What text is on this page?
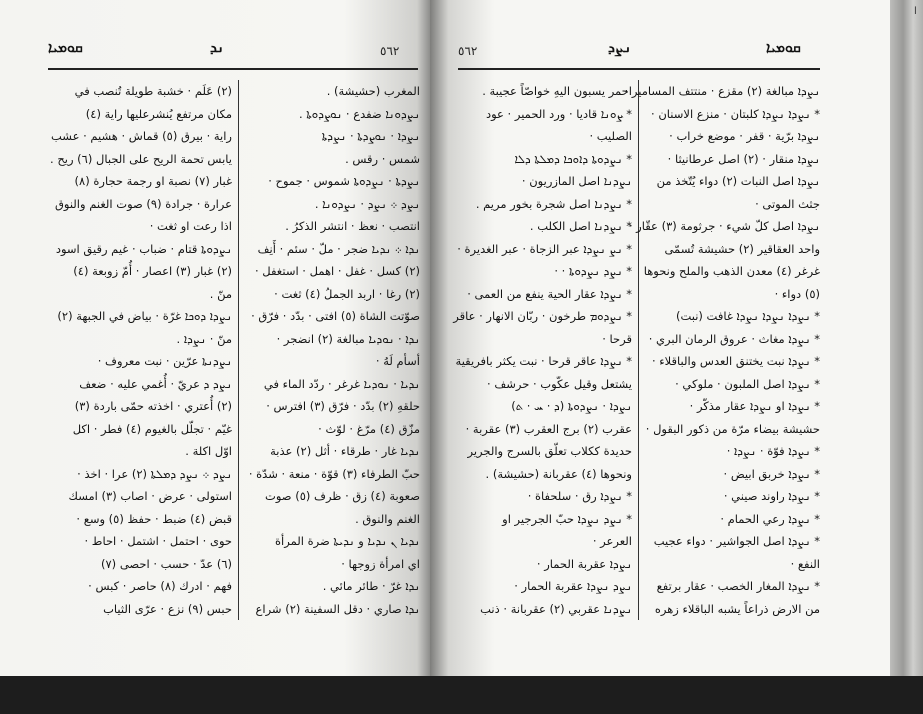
ܩܘܡܝܐ	ܢܕ	٥٦٢

(٢) عَلَم · خشبة طويلة تُنصب في

مكان مرتفع يُنشرعليها راية (٤)

راية · بيرق (٥) قماش · هشيم · عشب

يابس تحمة الريح على الجبال (٦) ريح .

غبار (٧) نصبة او رجمة حجارة (٨)

عرارة · جرادة (٩) صوت الغنم والنوق

اذا رعت او ثغت ·

ܢܨܕܘܬܐ قتام · ضباب · غيم رقيق اسود

(٢) غبار (٣) اعصار · أُمّ زوبعة (٤)

منّ .

ܢܨܕܐ ܕܘܟܐ غرّة · بياض في الجبهة (٢)

منّ · ܢܨܕܐ .

ܢܨܕܢܬܐ عرّين · نبت معروف ·

ܢܨܕ ܕ عريّ · أُغمي عليه · ضعف

(٢) أُعتري · اخذته حمّى باردة (٣)

غيّم · تجلّل بالغيوم (٤) فطر · اكل

اوّل اكلة .

ܢܨܕ ܀ ܢܨܕ ܕܡܠܬܐ (٢) عرا · اخذ ·

استولى · عرض · اصاب (٣) امسك

قبض (٤) ضبط · حفظ (٥) وسع ·

حوى · احتمل · اشتمل · احاط ·

(٦) عدّ · حسب · احصى (٧)

فهم · ادرك (٨) حاصر · كبس ·

حبس (٩) نزع · عرّى الثياب

المغرب (حشيشة) .

ܢܨܕܘܢܐ ضفدع · ܢܘܨܕܘܬܐ .

ܢܨܕܐ · ܢܘܨܕܬܐ · ܢܨܕܬܐ

شمس · رقس .

ܢܨܕܬܐ · ܢܨܕܘܬܐ شموس · جموح ·

ܢܨܕ ܀ ܢܨܕ · ܢܨܕܘܢܐ .

انتصب · نعظ · انتشر الذكرُ .

ܢܕܐ ܀ ܢܕܝܐ ضجر · ملّ · سئم · أَنِف

(٢) كسل · غفل · اهمل · استغفل ·

(٢) رغا · اربد الجملُ (٤) ثغت ·

صوّتت الشاة (٥) افتى · بدّد · فرّق ·

ܢܕܐ · ܢܘܕܝܐ مبالغة (٢) انضجر ·

أسأم لَهُ ·

ܢܕܝܐ · ܢܘܕܝܐ غرغر · ردّد الماء في

حلقهِ (٢) بدّد · فرّق (٣) افترس ·

مزّق (٤) مرّغ · لوّث ·

ܢܕܝܐ غار · طرقاء · أثل (٢) عذبة

حبّ الطرفاء (٣) قوّة · منعة · شدّة ·

صعوبة (٤) زق · ظرف (٥) صوت

الغنم والنوق .

ܢܕܝܐ ܢ ܢܕܝܐ و ܢܕܝܬܐ ضرة المرأة

اي امرأة زوجها ·

ܢܕܐ غرّ · طائر مائي .

ܢܕܐ صاري · دقل السفينة (٢) شراع

٥٦٢	ܢܨܕ	ܩܘܡܝܐ

احمر يسبون اليهِ خواصّاً عجيبة .

* ܨܘܢܐ قاديا · ورد الحمير · عود

الصليب ·

* ܢܨܕܘܬܐ ܕܐܘܟܐ ܕܡܠܬܐ ܕܠܐ

ܢܨܕܢܐ اصل المازريون ·

* ܢܨܕܢܐ اصل شجرة بخور مريم .

* ܢܨܕܢܐ اصل الكلب .

* ܢܨ ܢܨܕܐ عبر الزجاة · عبر الغديرة ·

* ܢܨܕ ܢܨܕܘܬܐ · ·

* ܢܨܕܐ عقار الحية ينفع من العمى ·

* ܢܨܕܘܡ طرخون · ربّان الانهار · عاقر

قرحا ·

* ܢܨܕܐ عاقر قرحا · نبت يكثر بافريقية

يشتعل وقيل عكّوب · حرشف ·

ܢܨܕܐ · ܢܨܕܘܬܐ (ܕ · ܚ · ܬ)

عقرب (٢) برج العقرب (٣) عقربة ·

حديدة ككلاب تعلّق بالسرج والجرير

ونحوها (٤) عقربانة (حشيشة) .

* ܢܨܕܐ رق · سلحفاة ·

* ܢܨܕ ܢܨܕܐ حبّ الجرجير او

العرعر ·

ܢܨܕܐ عقربة الحمار ·

ܢܨܕ ܢܨܕܐ عقربة الحمار ·

ܢܨܕܢܐ عقربي (٢) عقربانة · ذنب

ܢܨܕܐ مبالغة (٢) مقزع · منتتف المسامير ·

* ܢܨܕܐ ܢܨܕܐ كلبتان · منزع الاسنان ·

ܢܨܕܐ برّية · قفر · موضع خراب ·

ܢܨܕܐ منقار · (٢) اصل عرطانيثا ·

ܢܨܕܐ اصل النبات (٢) دواء يُتّخذ من

جثث الموتى ·

ܢܨܕܐ اصل كلّ شيء · جرثومة (٣) عقّار ·

واحد العقاقير (٢) حشيشة تُسمّى

غرغر (٤) معدن الذهب والملح ونحوها

(٥) دواء ·

* ܢܨܕܐ ܢܨܕܐ ܢܨܕܐ غافت (نبت)

* ܢܨܕܐ مغاث · عروق الرمان البري ·

* ܢܨܕܐ نبت يختنق العدس والباقلاء ·

* ܢܨܕܐ اصل الملبون · ملوكي ·

* ܢܨܕܐ او ܢܨܕܐ عقار مذكّر ·

حشيشة بيضاء مرّة من ذكور البقول ·

* ܢܨܕܐ فوّة · ܢܨܕܐ ·

* ܢܨܕܐ خربق ابيض ·

* ܢܨܕܐ راوند صيني ·

* ܢܨܕܐ رعي الحمام ·

* ܢܨܕܐ اصل الجواشير · دواء عجيب

النفع ·

* ܢܨܕܐ المغار الخصب · عقار برتفع

من الارض ذراعاً يشبه الباقلاء زهره

ا
